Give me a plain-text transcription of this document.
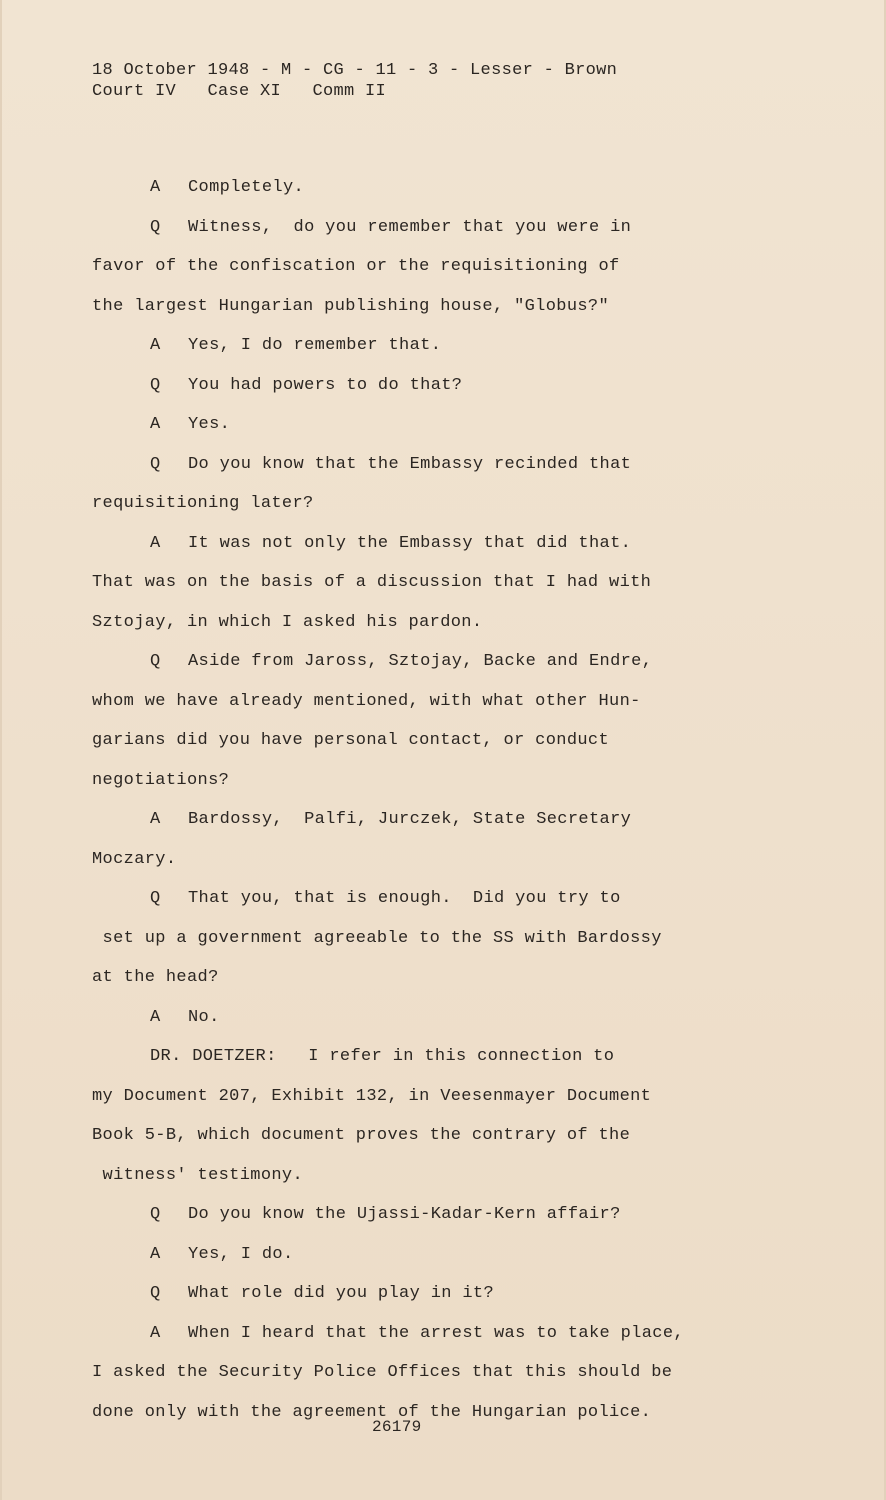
18 October 1948 - M - CG - 11 - 3 - Lesser - Brown
Court IV   Case XI   Comm II
A Completely.
Q Witness,  do you remember that you were in
favor of the confiscation or the requisitioning of
the largest Hungarian publishing house, "Globus?"
A Yes, I do remember that.
Q You had powers to do that?
A Yes.
Q Do you know that the Embassy recinded that
requisitioning later?
A It was not only the Embassy that did that.
That was on the basis of a discussion that I had with
Sztojay, in which I asked his pardon.
Q Aside from Jaross, Sztojay, Backe and Endre,
whom we have already mentioned, with what other Hun-
garians did you have personal contact, or conduct
negotiations?
A Bardossy,  Palfi, Jurczek, State Secretary
Moczary.
Q That you, that is enough.  Did you try to
set up a government agreeable to the SS with Bardossy
at the head?
A No.
DR. DOETZER:   I refer in this connection to
my Document 207, Exhibit 132, in Veesenmayer Document
Book 5-B, which document proves the contrary of the
witness' testimony.
Q Do you know the Ujassi-Kadar-Kern affair?
A Yes, I do.
Q What role did you play in it?
A When I heard that the arrest was to take place,
I asked the Security Police Offices that this should be
done only with the agreement of the Hungarian police.
26179
